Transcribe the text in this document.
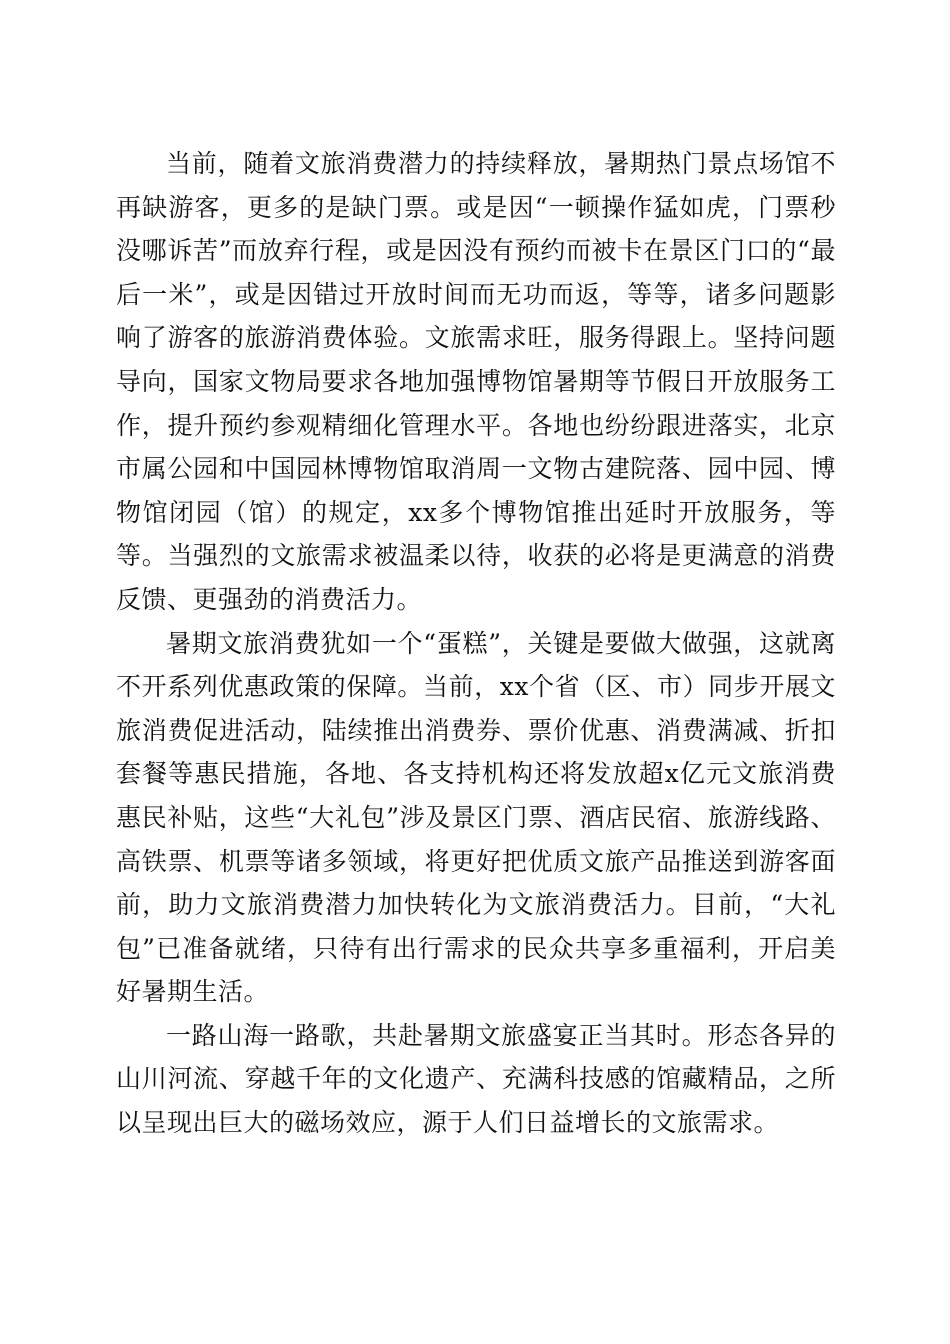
当前，随着文旅消费潜力的持续释放，暑期热门景点场馆不再缺游客，更多的是缺门票。或是因“一顿操作猛如虎，门票秒没哪诉苦”而放弃行程，或是因没有预约而被卡在景区门口的“最后一米”，或是因错过开放时间而无功而返，等等，诸多问题影响了游客的旅游消费体验。文旅需求旺，服务得跟上。坚持问题导向，国家文物局要求各地加强博物馆暑期等节假日开放服务工作，提升预约参观精细化管理水平。各地也纷纷跟进落实，北京市属公园和中国园林博物馆取消周一文物古建院落、园中园、博物馆闭园（馆）的规定，xx多个博物馆推出延时开放服务，等等。当强烈的文旅需求被温柔以待，收获的必将是更满意的消费反馈、更强劲的消费活力。

暑期文旅消费犹如一个“蛋糕”，关键是要做大做强，这就离不开系列优惠政策的保障。当前，xx个省（区、市）同步开展文旅消费促进活动，陆续推出消费券、票价优惠、消费满减、折扣套餐等惠民措施，各地、各支持机构还将发放超x亿元文旅消费惠民补贴，这些“大礼包”涉及景区门票、酒店民宿、旅游线路、高铁票、机票等诸多领域，将更好把优质文旅产品推送到游客面前，助力文旅消费潜力加快转化为文旅消费活力。目前，“大礼包”已准备就绪，只待有出行需求的民众共享多重福利，开启美好暑期生活。

一路山海一路歌，共赴暑期文旅盛宴正当其时。形态各异的山川河流、穿越千年的文化遗产、充满科技感的馆藏精品，之所以呈现出巨大的磁场效应，源于人们日益增长的文旅需求。
